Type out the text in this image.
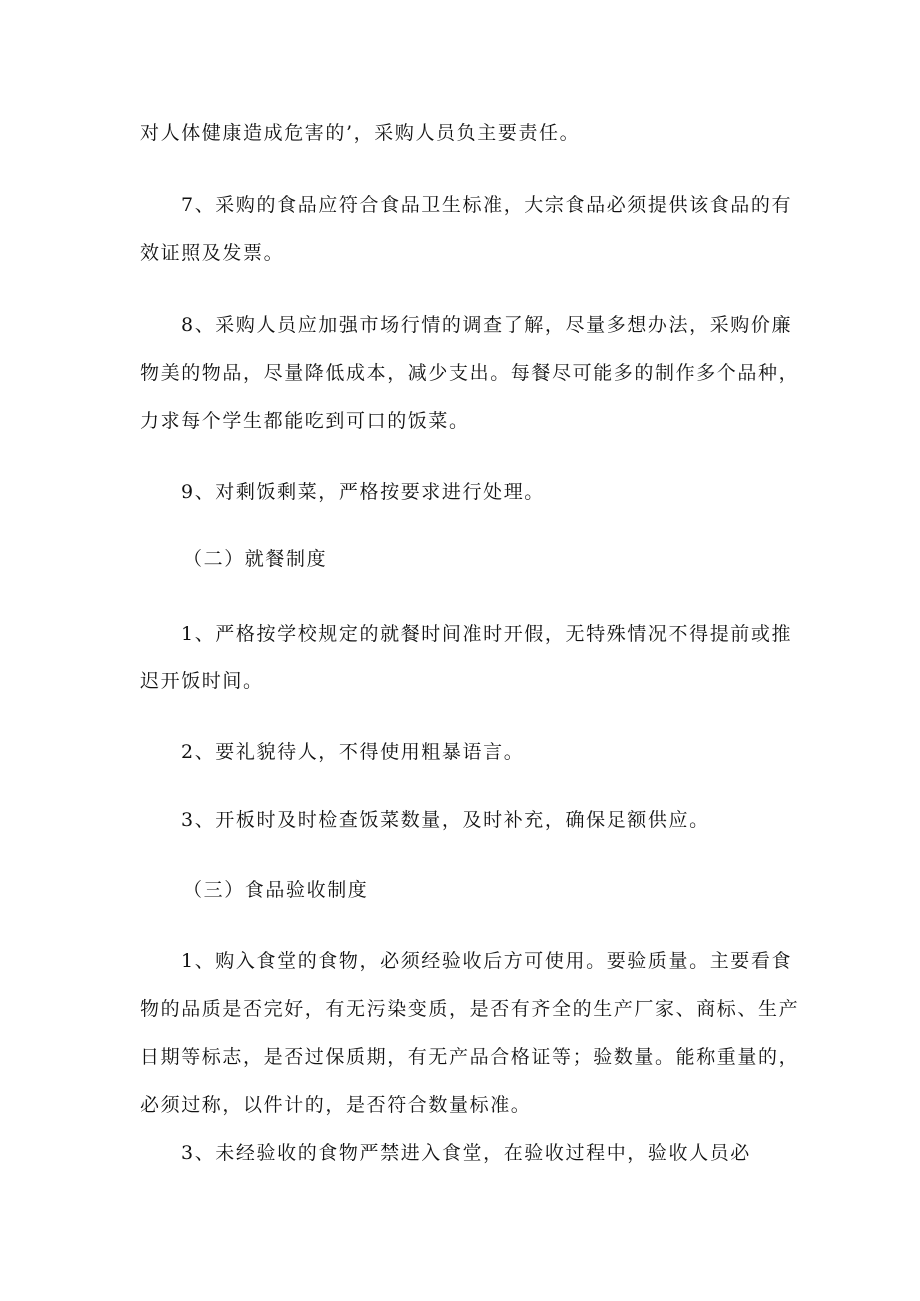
对人体健康造成危害的’，采购人员负主要责任。
7、采购的食品应符合食品卫生标准，大宗食品必须提供该食品的有
效证照及发票。
8、采购人员应加强市场行情的调查了解，尽量多想办法，采购价廉
物美的物品，尽量降低成本，减少支出。每餐尽可能多的制作多个品种，
力求每个学生都能吃到可口的饭菜。
9、对剩饭剩菜，严格按要求进行处理。
（二）就餐制度
1、严格按学校规定的就餐时间准时开假，无特殊情况不得提前或推
迟开饭时间。
2、要礼貌待人，不得使用粗暴语言。
3、开板时及时检查饭菜数量，及时补充，确保足额供应。
（三）食品验收制度
1、购入食堂的食物，必须经验收后方可使用。要验质量。主要看食
物的品质是否完好，有无污染变质，是否有齐全的生产厂家、商标、生产
日期等标志，是否过保质期，有无产品合格证等；验数量。能称重量的，
必须过称，以件计的，是否符合数量标准。
3、未经验收的食物严禁进入食堂，在验收过程中，验收人员必
